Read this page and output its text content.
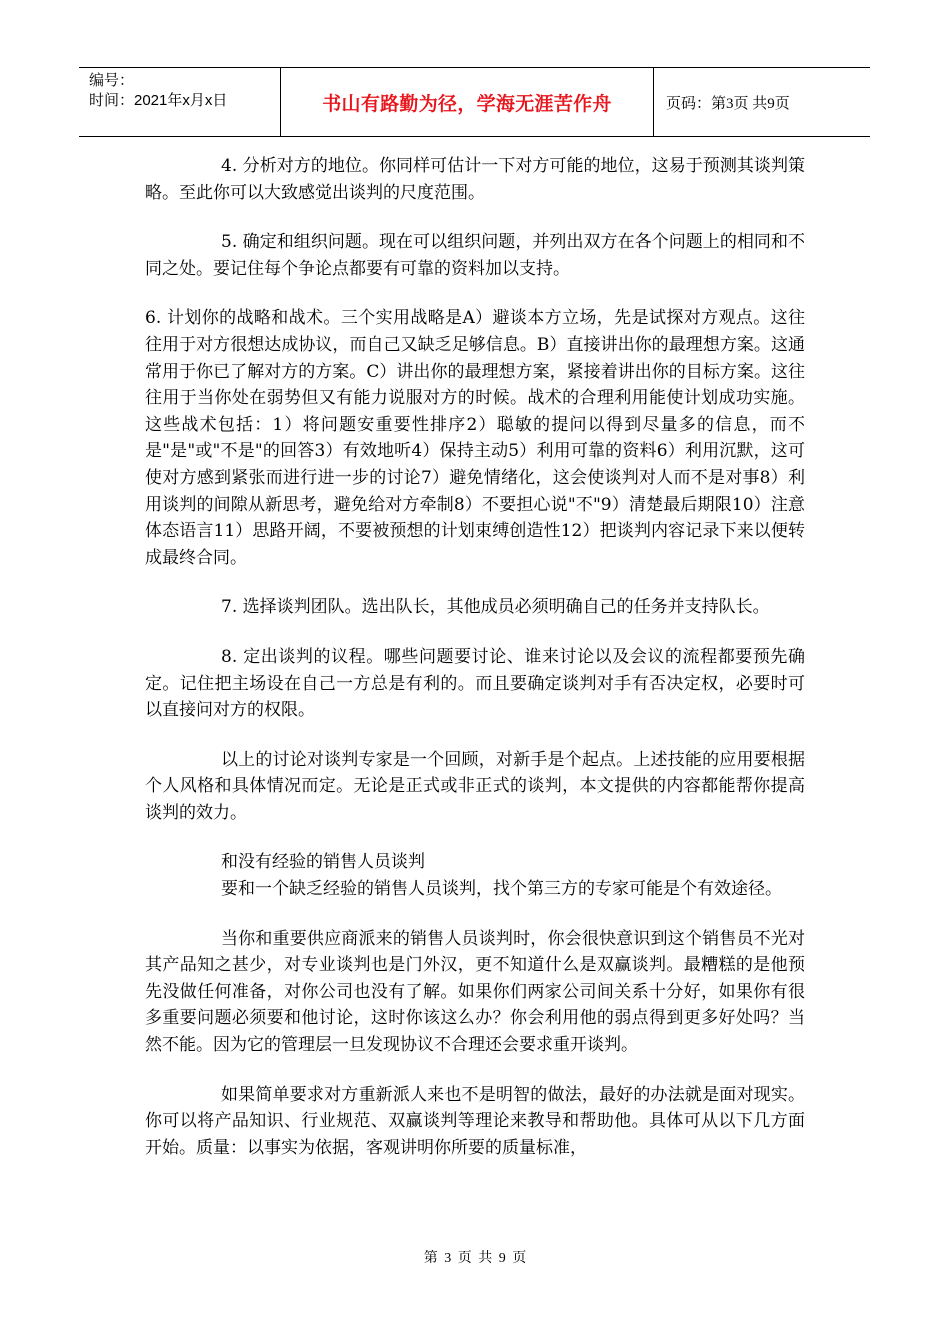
编号：
时间：2021年x月x日	书山有路勤为径，学海无涯苦作舟	页码：第3页 共9页

4. 分析对方的地位。你同样可估计一下对方可能的地位，这易于预测其谈判策略。至此你可以大致感觉出谈判的尺度范围。

5. 确定和组织问题。现在可以组织问题，并列出双方在各个问题上的相同和不同之处。要记住每个争论点都要有可靠的资料加以支持。

6. 计划你的战略和战术。三个实用战略是A）避谈本方立场，先是试探对方观点。这往往用于对方很想达成协议，而自己又缺乏足够信息。B）直接讲出你的最理想方案。这通常用于你已了解对方的方案。C）讲出你的最理想方案，紧接着讲出你的目标方案。这往往用于当你处在弱势但又有能力说服对方的时候。战术的合理利用能使计划成功实施。这些战术包括：1）将问题安重要性排序2）聪敏的提问以得到尽量多的信息，而不是"是"或"不是"的回答3）有效地听4）保持主动5）利用可靠的资料6）利用沉默，这可使对方感到紧张而进行进一步的讨论7）避免情绪化，这会使谈判对人而不是对事8）利用谈判的间隙从新思考，避免给对方牵制8）不要担心说"不"9）清楚最后期限10）注意体态语言11）思路开阔，不要被预想的计划束缚创造性12）把谈判内容记录下来以便转成最终合同。

7. 选择谈判团队。选出队长，其他成员必须明确自己的任务并支持队长。

8. 定出谈判的议程。哪些问题要讨论、谁来讨论以及会议的流程都要预先确定。记住把主场设在自己一方总是有利的。而且要确定谈判对手有否决定权，必要时可以直接问对方的权限。

以上的讨论对谈判专家是一个回顾，对新手是个起点。上述技能的应用要根据个人风格和具体情况而定。无论是正式或非正式的谈判，本文提供的内容都能帮你提高谈判的效力。

和没有经验的销售人员谈判

要和一个缺乏经验的销售人员谈判，找个第三方的专家可能是个有效途径。

当你和重要供应商派来的销售人员谈判时，你会很快意识到这个销售员不光对其产品知之甚少，对专业谈判也是门外汉，更不知道什么是双赢谈判。最糟糕的是他预先没做任何准备，对你公司也没有了解。如果你们两家公司间关系十分好，如果你有很多重要问题必须要和他讨论，这时你该这么办？你会利用他的弱点得到更多好处吗？当然不能。因为它的管理层一旦发现协议不合理还会要求重开谈判。

如果简单要求对方重新派人来也不是明智的做法，最好的办法就是面对现实。你可以将产品知识、行业规范、双赢谈判等理论来教导和帮助他。具体可从以下几方面开始。质量：以事实为依据，客观讲明你所要的质量标准，

第 3 页 共 9 页
